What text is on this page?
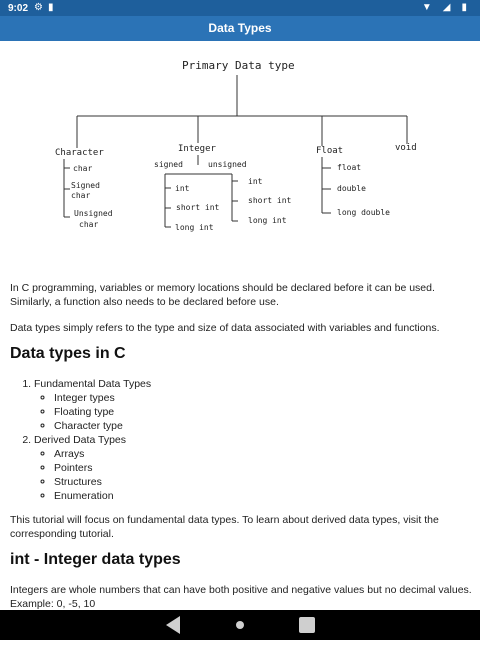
9:02 ⚙ ▮	▼ ◢ ▮
Data Types
Primary Data type
Character
char
Signed
char
Unsigned
char
Integer
signed	unsigned
int
short int
long int
int
short int
long int
Float
float
double
long double
void

In C programming, variables or memory locations should be declared before it can be used. Similarly, a function also needs to be declared before use.

Data types simply refers to the type and size of data associated with variables and functions.

Data types in C
1. Fundamental Data Types
◦ Integer types
◦ Floating type
◦ Character type
2. Derived Data Types
◦ Arrays
◦ Pointers
◦ Structures
◦ Enumeration

This tutorial will focus on fundamental data types. To learn about derived data types, visit the corresponding tutorial.

int - Integer data types

Integers are whole numbers that can have both positive and negative values but no decimal values. Example: 0, -5, 10
